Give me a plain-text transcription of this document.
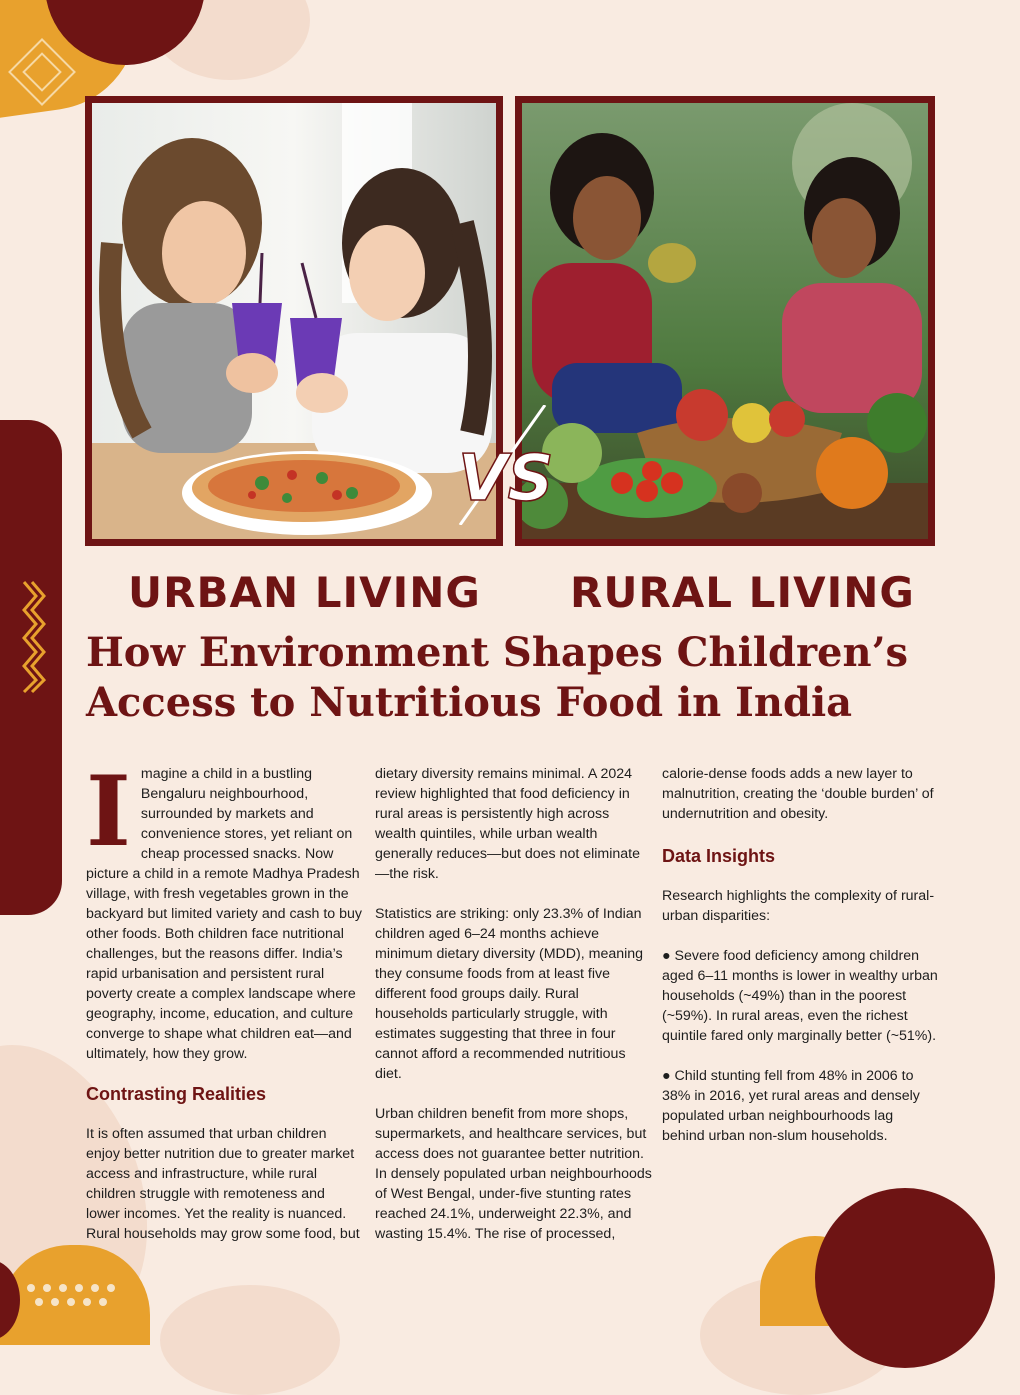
VS
URBAN LIVING RURAL LIVING
How Environment Shapes Children’s
Access to Nutritious Food in India

Imagine a child in a bustling Bengaluru neighbourhood, surrounded by markets and convenience stores, yet reliant on cheap processed snacks. Now picture a child in a remote Madhya Pradesh village, with fresh vegetables grown in the backyard but limited variety and cash to buy other foods. Both children face nutritional challenges, but the reasons differ. India’s rapid urbanisation and persistent rural poverty create a complex landscape where geography, income, education, and culture converge to shape what children eat—and ultimately, how they grow.

Contrasting Realities

It is often assumed that urban children enjoy better nutrition due to greater market access and infrastructure, while rural children struggle with remoteness and lower incomes. Yet the reality is nuanced. Rural households may grow some food, but

dietary diversity remains minimal. A 2024 review highlighted that food deficiency in rural areas is persistently high across wealth quintiles, while urban wealth generally reduces—but does not eliminate—the risk.

Statistics are striking: only 23.3% of Indian children aged 6–24 months achieve minimum dietary diversity (MDD), meaning they consume foods from at least five different food groups daily. Rural households particularly struggle, with estimates suggesting that three in four cannot afford a recommended nutritious diet.

Urban children benefit from more shops, supermarkets, and healthcare services, but access does not guarantee better nutrition. In densely populated urban neighbourhoods of West Bengal, under-five stunting rates reached 24.1%, underweight 22.3%, and wasting 15.4%. The rise of processed,

calorie-dense foods adds a new layer to malnutrition, creating the ‘double burden’ of undernutrition and obesity.

Data Insights

Research highlights the complexity of rural-urban disparities:

● Severe food deficiency among children aged 6–11 months is lower in wealthy urban households (~49%) than in the poorest (~59%). In rural areas, even the richest quintile fared only marginally better (~51%).

● Child stunting fell from 48% in 2006 to 38% in 2016, yet rural areas and densely populated urban neighbourhoods lag behind urban non-slum households.
